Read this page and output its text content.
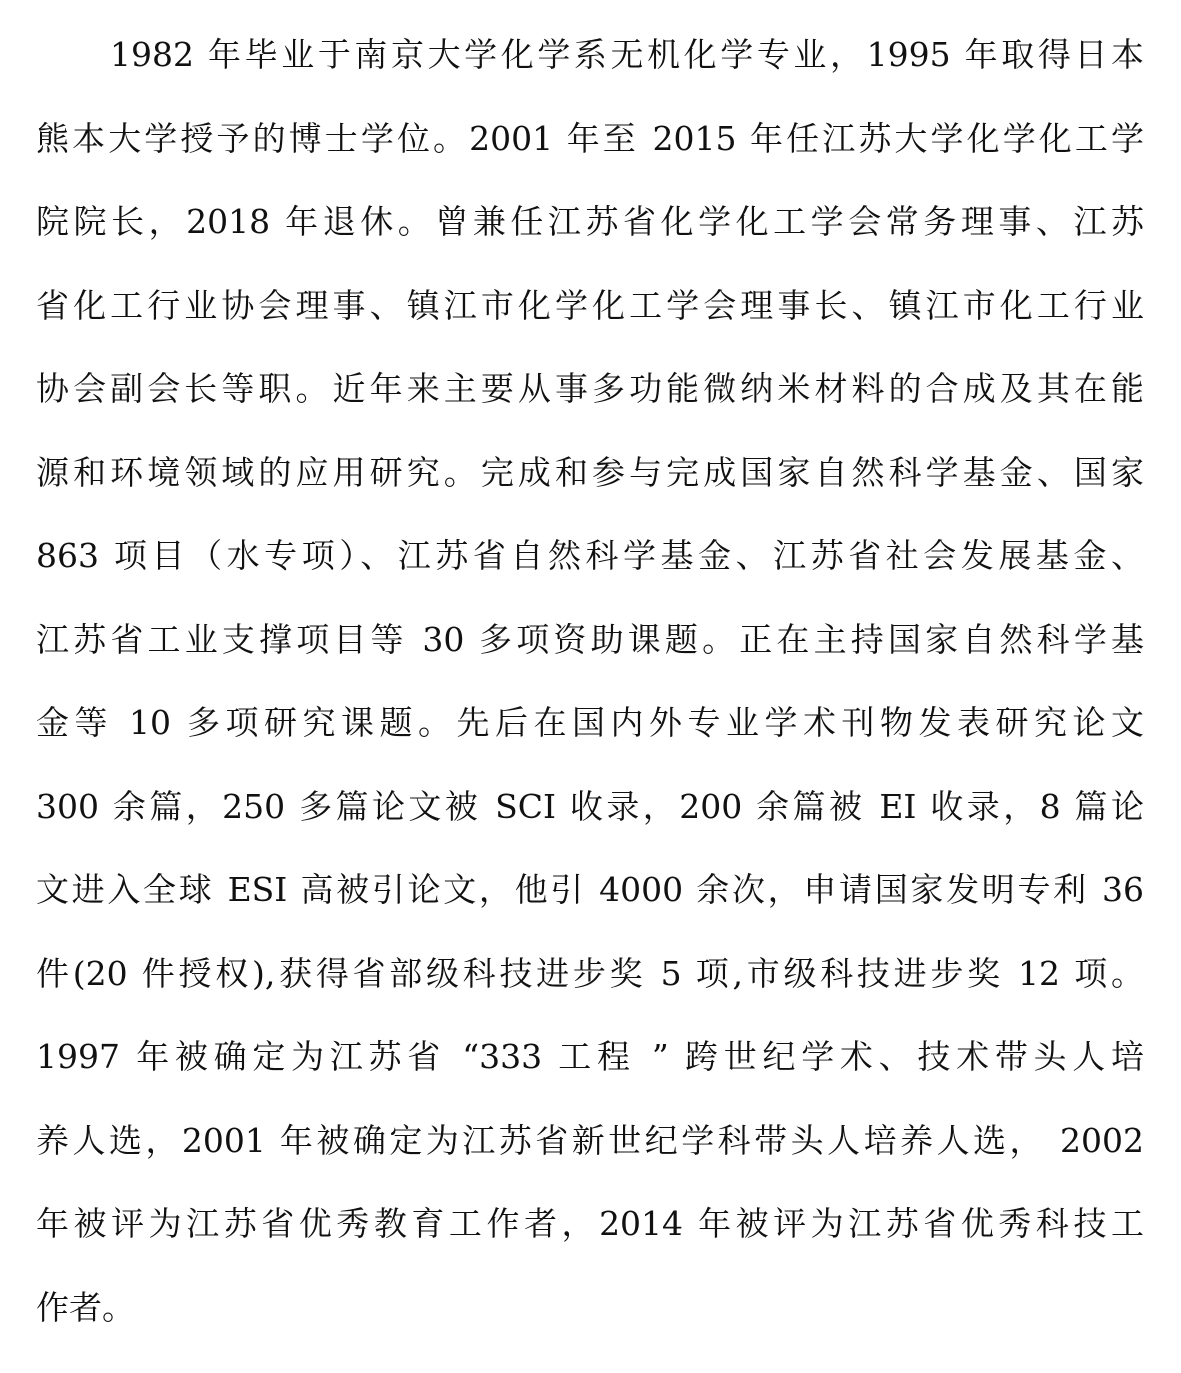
1982 年毕业于南京大学化学系无机化学专业，1995 年取得日本
熊本大学授予的博士学位。2001 年至 2015 年任江苏大学化学化工学
院院长，2018 年退休。曾兼任江苏省化学化工学会常务理事、江苏
省化工行业协会理事、镇江市化学化工学会理事长、镇江市化工行业
协会副会长等职。近年来主要从事多功能微纳米材料的合成及其在能
源和环境领域的应用研究。完成和参与完成国家自然科学基金、国家
863 项目（水专项）、江苏省自然科学基金、江苏省社会发展基金、
江苏省工业支撑项目等 30 多项资助课题。正在主持国家自然科学基
金等 10 多项研究课题。先后在国内外专业学术刊物发表研究论文
300 余篇，250 多篇论文被 SCI 收录，200 余篇被 EI 收录，8 篇论
文进入全球 ESI 高被引论文，他引 4000 余次，申请国家发明专利 36
件(20 件授权),获得省部级科技进步奖 5 项,市级科技进步奖 12 项。
1997 年被确定为江苏省 “333 工程 ” 跨世纪学术、技术带头人培
养人选，2001 年被确定为江苏省新世纪学科带头人培养人选， 2002
年被评为江苏省优秀教育工作者，2014 年被评为江苏省优秀科技工
作者。
